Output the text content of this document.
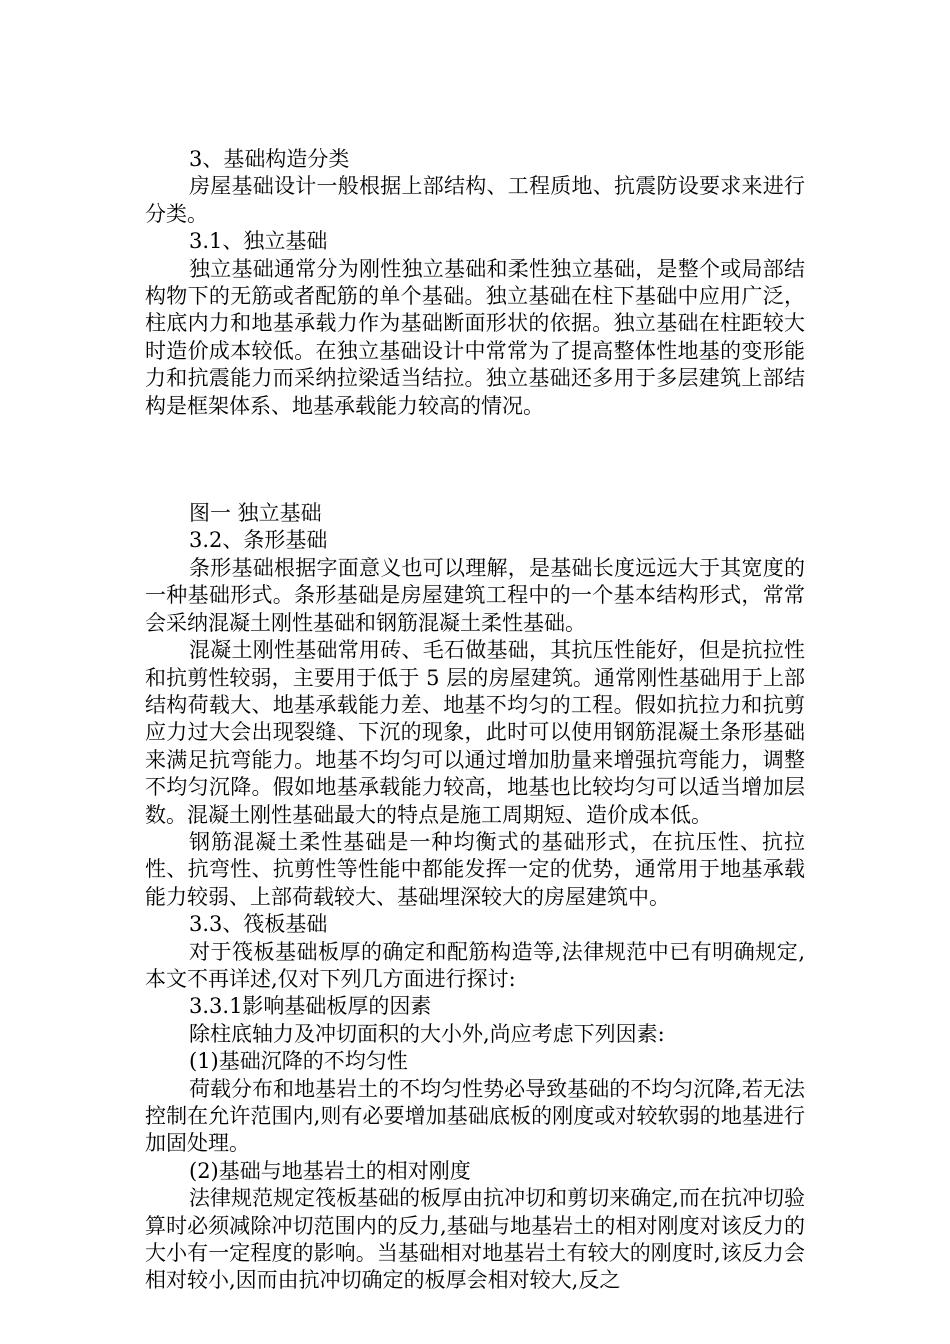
3、基础构造分类

房屋基础设计一般根据上部结构、工程质地、抗震防设要求来进行分类。

3.1、独立基础

独立基础通常分为刚性独立基础和柔性独立基础，是整个或局部结构物下的无筋或者配筋的单个基础。独立基础在柱下基础中应用广泛，柱底内力和地基承载力作为基础断面形状的依据。独立基础在柱距较大时造价成本较低。在独立基础设计中常常为了提高整体性地基的变形能力和抗震能力而采纳拉梁适当结拉。独立基础还多用于多层建筑上部结构是框架体系、地基承载能力较高的情况。

图一 独立基础

3.2、条形基础

条形基础根据字面意义也可以理解，是基础长度远远大于其宽度的一种基础形式。条形基础是房屋建筑工程中的一个基本结构形式，常常会采纳混凝土刚性基础和钢筋混凝土柔性基础。

混凝土刚性基础常用砖、毛石做基础，其抗压性能好，但是抗拉性和抗剪性较弱，主要用于低于 5 层的房屋建筑。通常刚性基础用于上部结构荷载大、地基承载能力差、地基不均匀的工程。假如抗拉力和抗剪应力过大会出现裂缝、下沉的现象，此时可以使用钢筋混凝土条形基础来满足抗弯能力。地基不均匀可以通过增加肋量来增强抗弯能力，调整不均匀沉降。假如地基承载能力较高，地基也比较均匀可以适当增加层数。混凝土刚性基础最大的特点是施工周期短、造价成本低。

钢筋混凝土柔性基础是一种均衡式的基础形式，在抗压性、抗拉性、抗弯性、抗剪性等性能中都能发挥一定的优势，通常用于地基承载能力较弱、上部荷载较大、基础埋深较大的房屋建筑中。

3.3、筏板基础

对于筏板基础板厚的确定和配筋构造等,法律规范中已有明确规定,本文不再详述,仅对下列几方面进行探讨:

3.3.1影响基础板厚的因素

除柱底轴力及冲切面积的大小外,尚应考虑下列因素:

(1)基础沉降的不均匀性

荷载分布和地基岩土的不均匀性势必导致基础的不均匀沉降,若无法控制在允许范围内,则有必要增加基础底板的刚度或对较软弱的地基进行加固处理。

(2)基础与地基岩土的相对刚度

法律规范规定筏板基础的板厚由抗冲切和剪切来确定,而在抗冲切验算时必须减除冲切范围内的反力,基础与地基岩土的相对刚度对该反力的大小有一定程度的影响。当基础相对地基岩土有较大的刚度时,该反力会相对较小,因而由抗冲切确定的板厚会相对较大,反之
